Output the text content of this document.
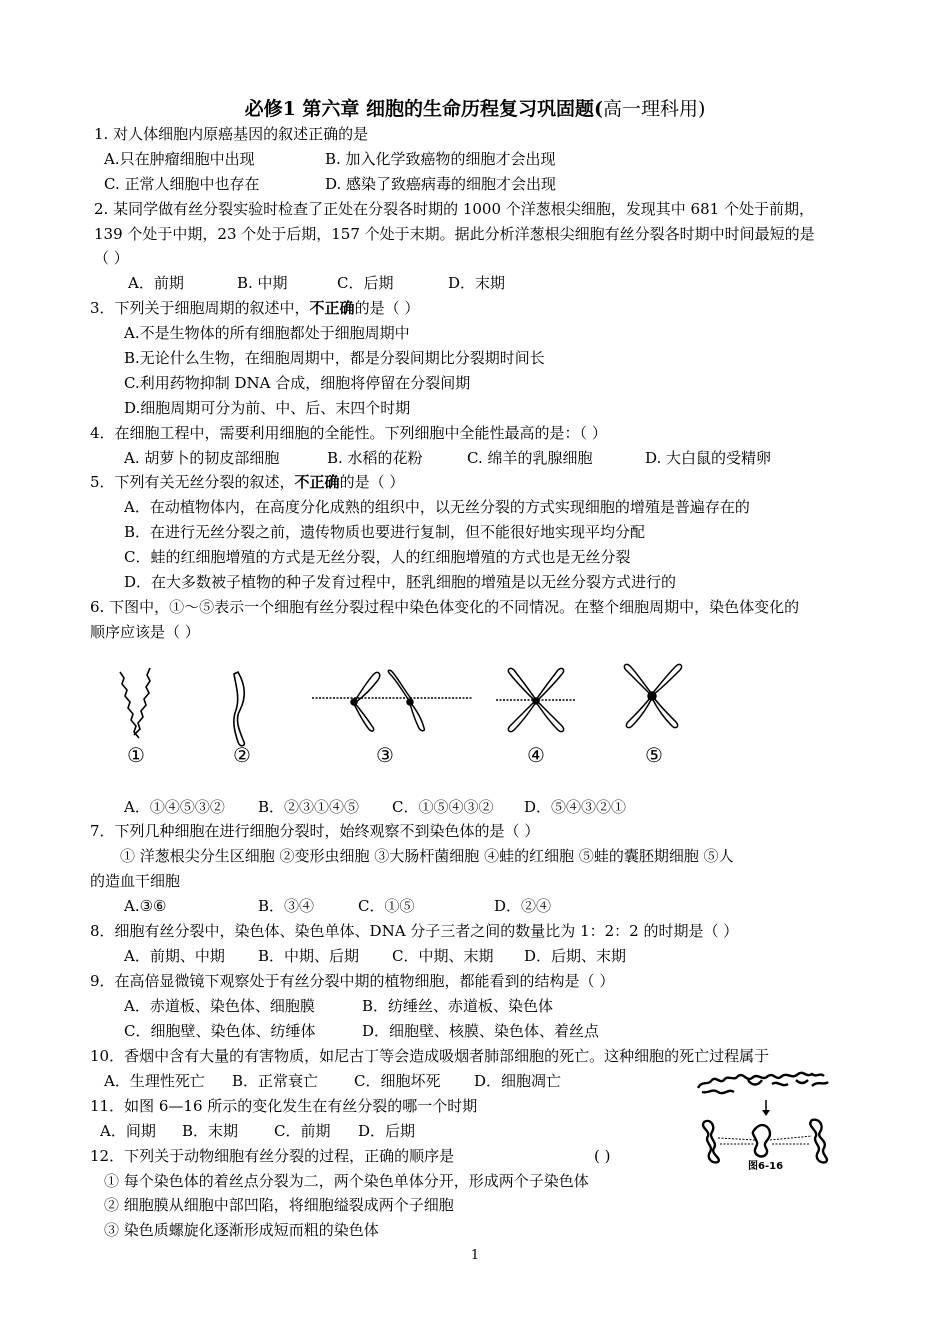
必修1 第六章 细胞的生命历程复习巩固题(高一理科用)
1. 对人体细胞内原癌基因的叙述正确的是
A.只在肿瘤细胞中出现	B. 加入化学致癌物的细胞才会出现
C. 正常人细胞中也存在	D. 感染了致癌病毒的细胞才会出现
2. 某同学做有丝分裂实验时检查了正处在分裂各时期的 1000 个洋葱根尖细胞，发现其中 681 个处于前期，
139 个处于中期，23 个处于后期，157 个处于末期。据此分析洋葱根尖细胞有丝分裂各时期中时间最短的是
（ ）
A．前期	B. 中期	C．后期	D．末期
3．下列关于细胞周期的叙述中，不正确的是（ ）
A.不是生物体的所有细胞都处于细胞周期中
B.无论什么生物，在细胞周期中，都是分裂间期比分裂期时间长
C.利用药物抑制 DNA 合成，细胞将停留在分裂间期
D.细胞周期可分为前、中、后、末四个时期
4．在细胞工程中，需要利用细胞的全能性。下列细胞中全能性最高的是：（ ）
A. 胡萝卜的韧皮部细胞	B. 水稻的花粉	C. 绵羊的乳腺细胞	D. 大白鼠的受精卵
5．下列有关无丝分裂的叙述，不正确的是（ ）
A．在动植物体内，在高度分化成熟的组织中，以无丝分裂的方式实现细胞的增殖是普遍存在的
B．在进行无丝分裂之前，遗传物质也要进行复制，但不能很好地实现平均分配
C．蛙的红细胞增殖的方式是无丝分裂，人的红细胞增殖的方式也是无丝分裂
D．在大多数被子植物的种子发育过程中，胚乳细胞的增殖是以无丝分裂方式进行的
6. 下图中，①～⑤表示一个细胞有丝分裂过程中染色体变化的不同情况。在整个细胞周期中，染色体变化的
顺序应该是（ ）
①	②	③	④	⑤
A．①④⑤③② B．②③①④⑤ C．①⑤④③② D．⑤④③②①
7．下列几种细胞在进行细胞分裂时，始终观察不到染色体的是（ ）
① 洋葱根尖分生区细胞 ②变形虫细胞 ③大肠杆菌细胞 ④蛙的红细胞 ⑤蛙的囊胚期细胞 ⑤人
的造血干细胞
A.③⑥	B．③④	C．①⑤	D．②④
8．细胞有丝分裂中，染色体、染色单体、DNA 分子三者之间的数量比为 1：2：2 的时期是（ ）
A．前期、中期 B．中期、后期 C．中期、末期 D．后期、末期
9．在高倍显微镜下观察处于有丝分裂中期的植物细胞，都能看到的结构是（ ）
A．赤道板、染色体、细胞膜	B．纺缍丝、赤道板、染色体
C．细胞壁、染色体、纺缍体	D．细胞壁、核膜、染色体、着丝点
10．香烟中含有大量的有害物质，如尼古丁等会造成吸烟者肺部细胞的死亡。这种细胞的死亡过程属于
A．生理性死亡 B．正常衰亡 C．细胞坏死 D．细胞凋亡
11．如图 6—16 所示的变化发生在有丝分裂的哪一个时期
A．间期 B．末期 C．前期 D．后期
图6-16
12．下列关于动物细胞有丝分裂的过程，正确的顺序是	( )
① 每个染色体的着丝点分裂为二，两个染色单体分开，形成两个子染色体
② 细胞膜从细胞中部凹陷，将细胞缢裂成两个子细胞
③ 染色质螺旋化逐渐形成短而粗的染色体
1
